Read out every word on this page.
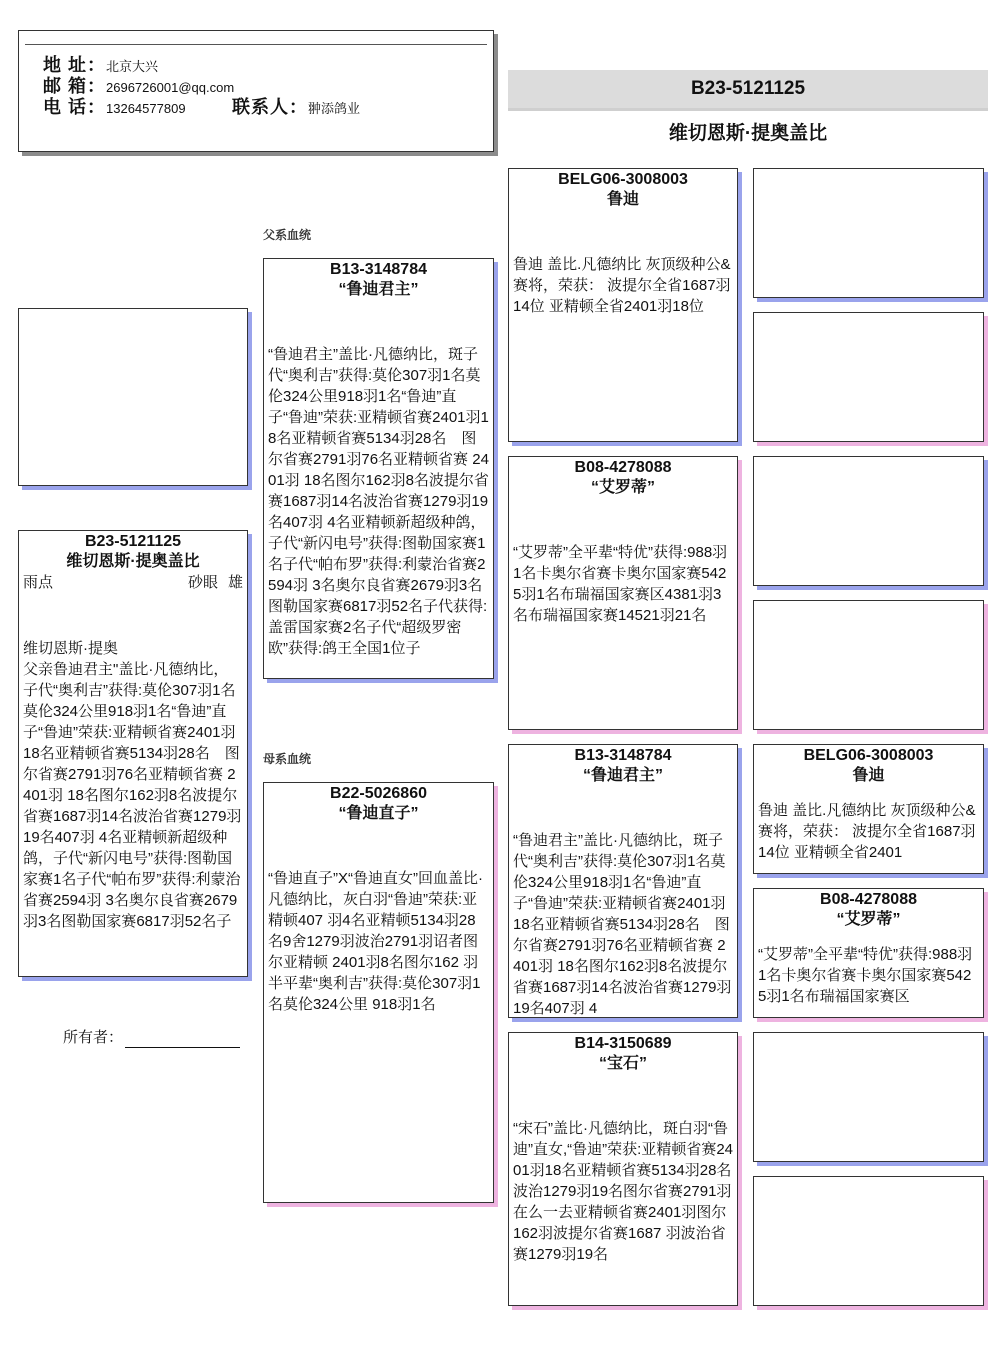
地 址：北京大兴
邮 箱：2696726001@qq.com
电 话：13264577809	联系人：翀添鸽业
B23-5121125
维切恩斯·提奥盖比
B23-5121125
维切恩斯·提奥盖比
雨点	砂眼 雄
维切恩斯·提奥
父亲鲁迪君主"盖比·凡德纳比，子代“奥利吉”获得:莫伦307羽1名莫伦324公里918羽1名“鲁迪”直子“鲁迪”荣获:亚精顿省赛2401羽18名亚精顿省赛5134羽28名　图尔省赛2791羽76名亚精顿省赛 2401羽 18名图尔162羽8名波提尔省赛1687羽14名波治省赛1279羽19名407羽 4名亚精顿新超级种鸽，子代“新闪电号”获得:图勒国家赛1名子代“帕布罗”获得:利蒙治省赛2594羽 3名奥尔良省赛2679羽3名图勒国家赛6817羽52名子
所有者：
父系血统
B13-3148784
“鲁迪君主”
“鲁迪君主”盖比·凡德纳比，斑子代“奥利吉”获得:莫伦307羽1名莫伦324公里918羽1名“鲁迪”直子“鲁迪”荣获:亚精顿省赛2401羽18名亚精顿省赛5134羽28名　图尔省赛2791羽76名亚精顿省赛 2401羽 18名图尔162羽8名波提尔省赛1687羽14名波治省赛1279羽19名407羽 4名亚精顿新超级种鸽，子代“新闪电号”获得:图勒国家赛1名子代“帕布罗”获得:利蒙治省赛2594羽 3名奥尔良省赛2679羽3名图勒国家赛6817羽52名子代获得:盖雷国家赛2名子代“超级罗密欧”获得:鸽王全国1位子
母系血统
B22-5026860
“鲁迪直子”
“鲁迪直子”X“鲁迪直女”回血盖比·凡德纳比，灰白羽“鲁迪”荣获:亚精顿407 羽4名亚精顿5134羽28名9舍1279羽波治2791羽诏者图尔亚精顿 2401羽8名图尔162 羽半平辈“奥利吉”获得:莫伦307羽1名莫伦324公里 918羽1名
BELG06-3008003
鲁迪
鲁迪 盖比.凡德纳比 灰顶级种公&赛将，荣获： 波提尔全省1687羽14位 亚精顿全省2401羽18位
B08-4278088
“艾罗蒂”
“艾罗蒂”全平辈“特优”获得:988羽 1名卡奥尔省赛卡奥尔国家赛5425羽1名布瑞福国家赛区4381羽3名布瑞福国家赛14521羽21名
B13-3148784
“鲁迪君主”
“鲁迪君主”盖比·凡德纳比，斑子代“奥利吉”获得:莫伦307羽1名莫伦324公里918羽1名“鲁迪”直子“鲁迪”荣获:亚精顿省赛2401羽18名亚精顿省赛5134羽28名　图尔省赛2791羽76名亚精顿省赛 2401羽 18名图尔162羽8名波提尔省赛1687羽14名波治省赛1279羽19名407羽 4
B14-3150689
“宝石”
“宋石”盖比·凡德纳比，斑白羽“鲁迪”直女,“鲁迪”荣获:亚精顿省赛2401羽18名亚精顿省赛5134羽28名波治1279羽19名图尔省赛2791羽在么一去亚精顿省赛2401羽图尔162羽波提尔省赛1687 羽波治省赛1279羽19名
BELG06-3008003
鲁迪
鲁迪 盖比.凡德纳比 灰顶级种公&赛将，荣获： 波提尔全省1687羽14位 亚精顿全省2401
B08-4278088
“艾罗蒂”
“艾罗蒂”全平辈“特优”获得:988羽 1名卡奥尔省赛卡奥尔国家赛5425羽1名布瑞福国家赛区
